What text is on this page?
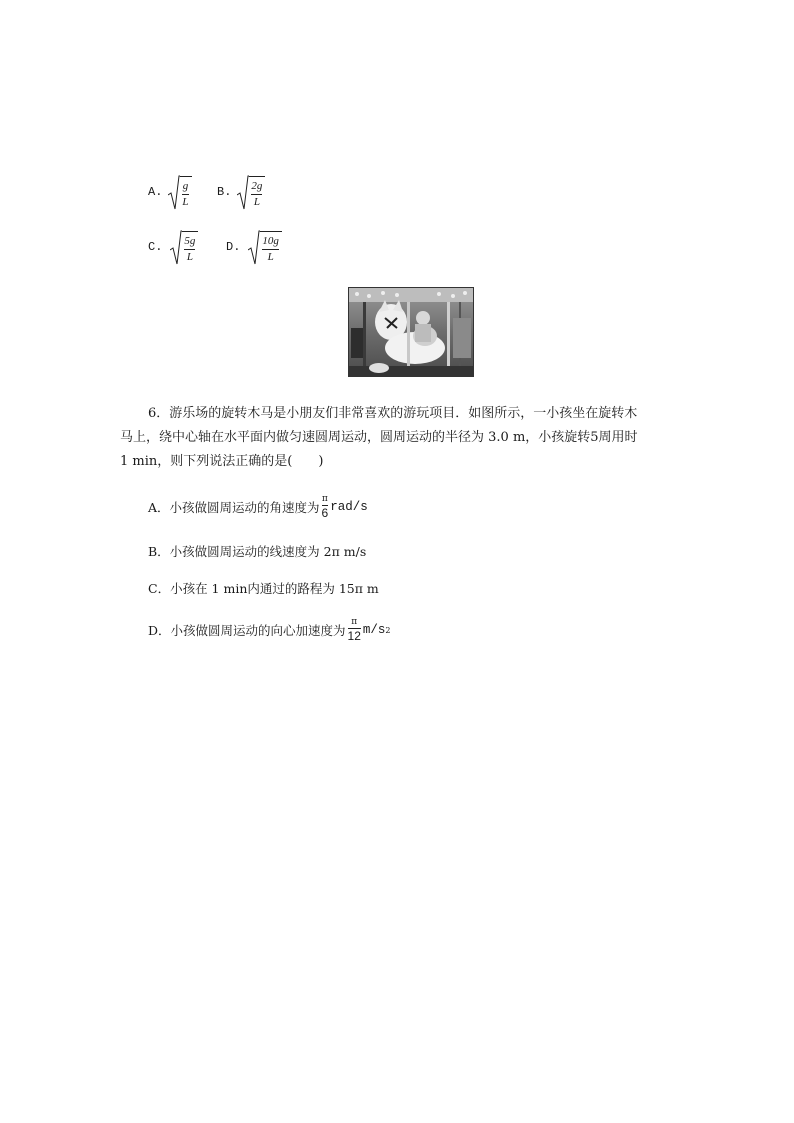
A. g
L
B. 2g
L
C. 5g
L
D. 10g
L
6．游乐场的旋转木马是小朋友们非常喜欢的游玩项目．如图所示，一小孩坐在旋转木
马上，绕中心轴在水平面内做匀速圆周运动，圆周运动的半径为 3.0 m，小孩旋转5周用时
1 min，则下列说法正确的是(　　)
A．小孩做圆周运动的角速度为
π
6 rad/s
B．小孩做圆周运动的线速度为 2π m/s
C．小孩在 1 min内通过的路程为 15π m
D．小孩做圆周运动的向心加速度为
π
12 m/s 2
